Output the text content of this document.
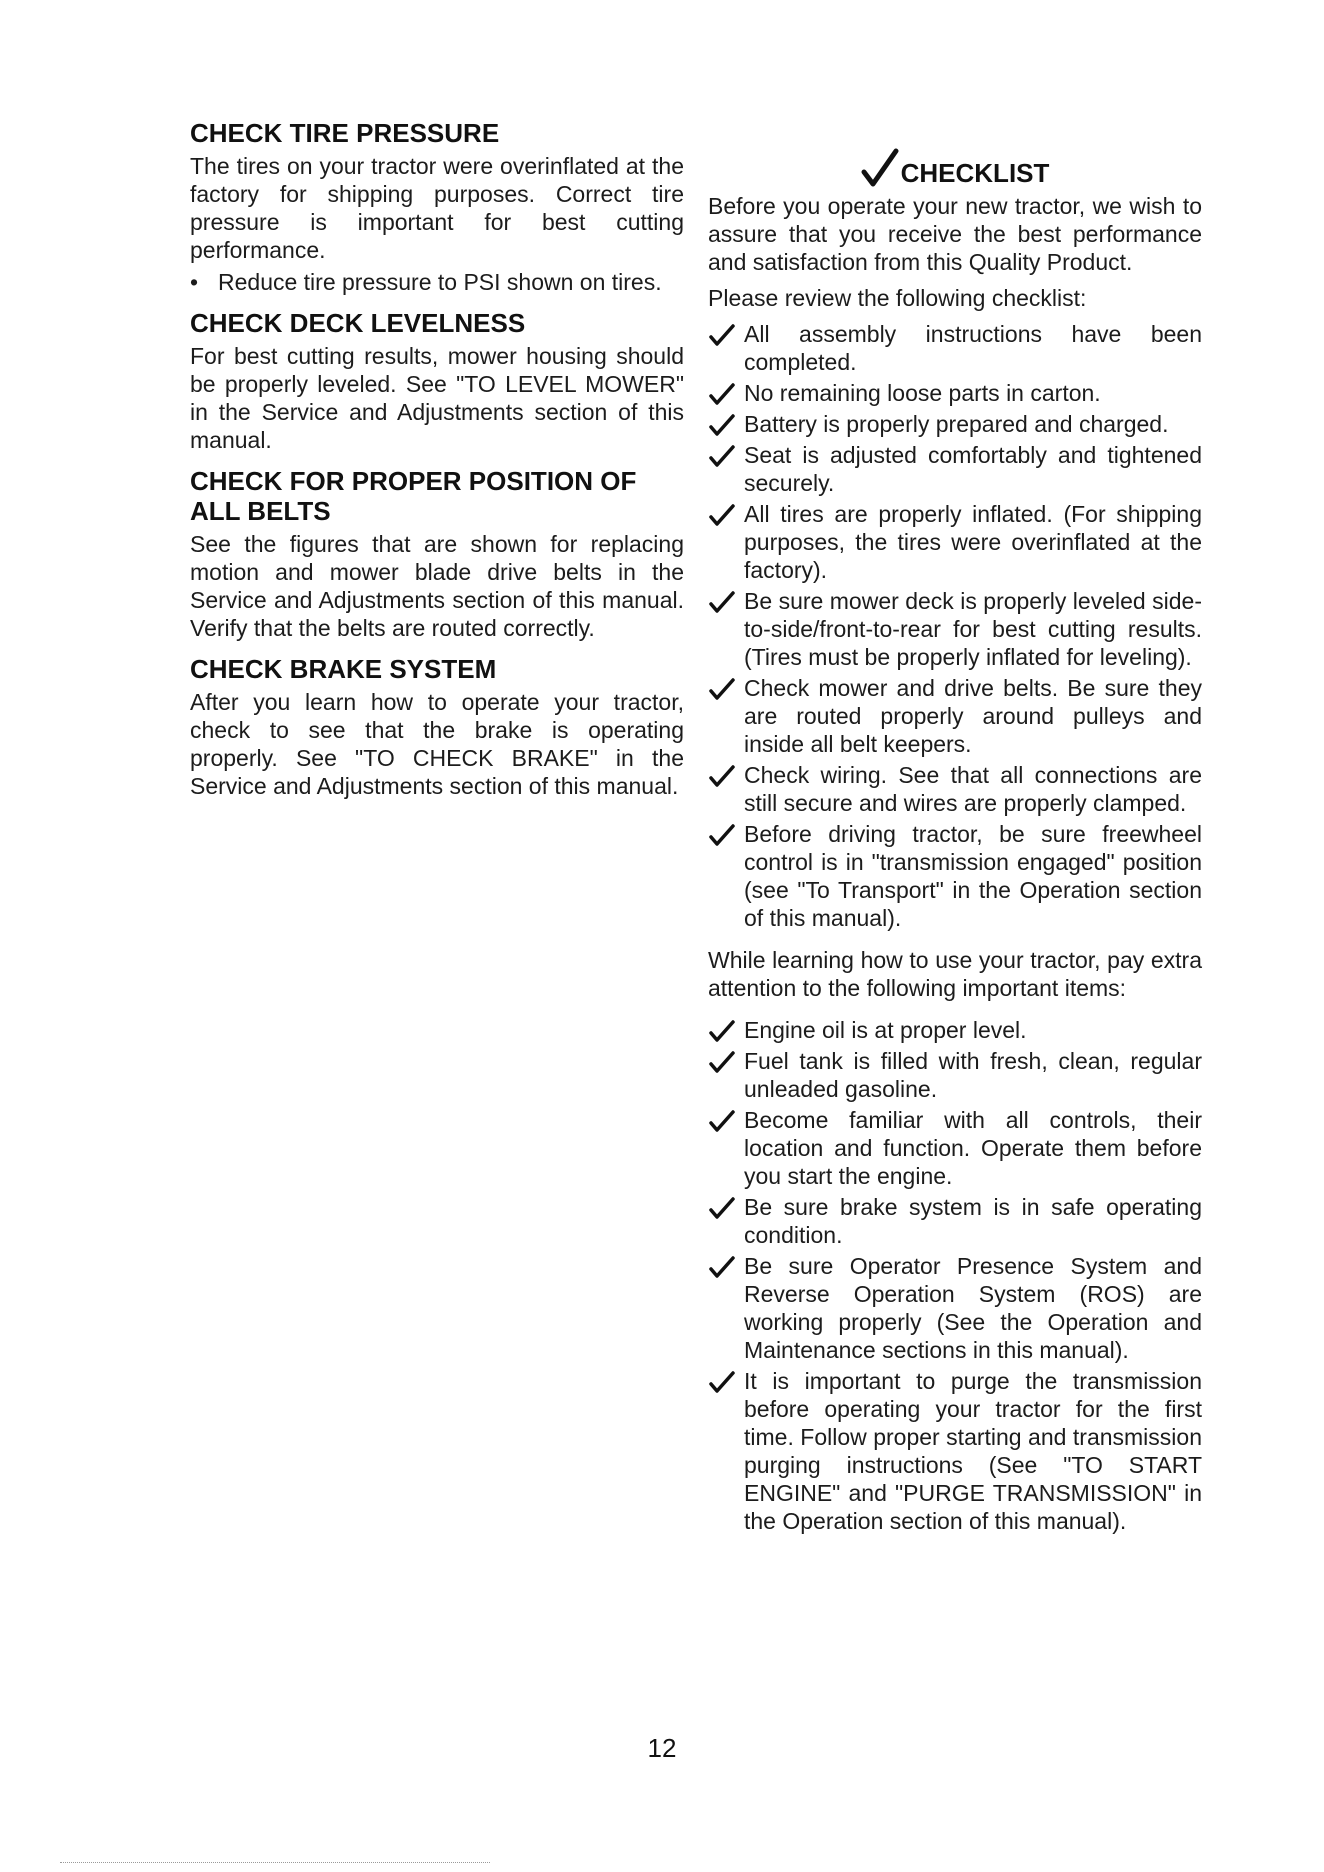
CHECK TIRE PRESSURE

The tires on your tractor were overinflated at the factory for shipping purposes. Correct tire pressure is important for best cutting performance.

• Reduce tire pressure to PSI shown on tires.

CHECK DECK LEVELNESS

For best cutting results, mower housing should be properly leveled. See "TO LEVEL MOWER" in the Service and Adjustments section of this manual.

CHECK FOR PROPER POSITION OF ALL BELTS

See the figures that are shown for replacing motion and mower blade drive belts in the Service and Adjustments section of this manual. Verify that the belts are routed correctly.

CHECK BRAKE SYSTEM

After you learn how to operate your tractor, check to see that the brake is operating properly. See "TO CHECK BRAKE" in the Service and Adjustments section of this manual.

CHECKLIST

Before you operate your new tractor, we wish to assure that you receive the best performance and satisfaction from this Quality Product.

Please review the following checklist:

All assembly instructions have been completed.
No remaining loose parts in carton.
Battery is properly prepared and charged.
Seat is adjusted comfortably and tightened securely.
All tires are properly inflated. (For shipping purposes, the tires were overinflated at the factory).
Be sure mower deck is properly leveled side-to-side/front-to-rear for best cutting results. (Tires must be properly inflated for leveling).
Check mower and drive belts. Be sure they are routed properly around pulleys and inside all belt keepers.
Check wiring. See that all connections are still secure and wires are properly clamped.
Before driving tractor, be sure freewheel control is in "transmission engaged" position (see "To Transport" in the Operation section of this manual).

While learning how to use your tractor, pay extra attention to the following important items:

Engine oil is at proper level.
Fuel tank is filled with fresh, clean, regular unleaded gasoline.
Become familiar with all controls, their location and function. Operate them before you start the engine.
Be sure brake system is in safe operating condition.
Be sure Operator Presence System and Reverse Operation System (ROS) are working properly (See the Operation and Maintenance sections in this manual).
It is important to purge the transmission before operating your tractor for the first time. Follow proper starting and transmission purging instructions (See "TO START ENGINE" and "PURGE TRANSMISSION" in the Operation section of this manual).
12
